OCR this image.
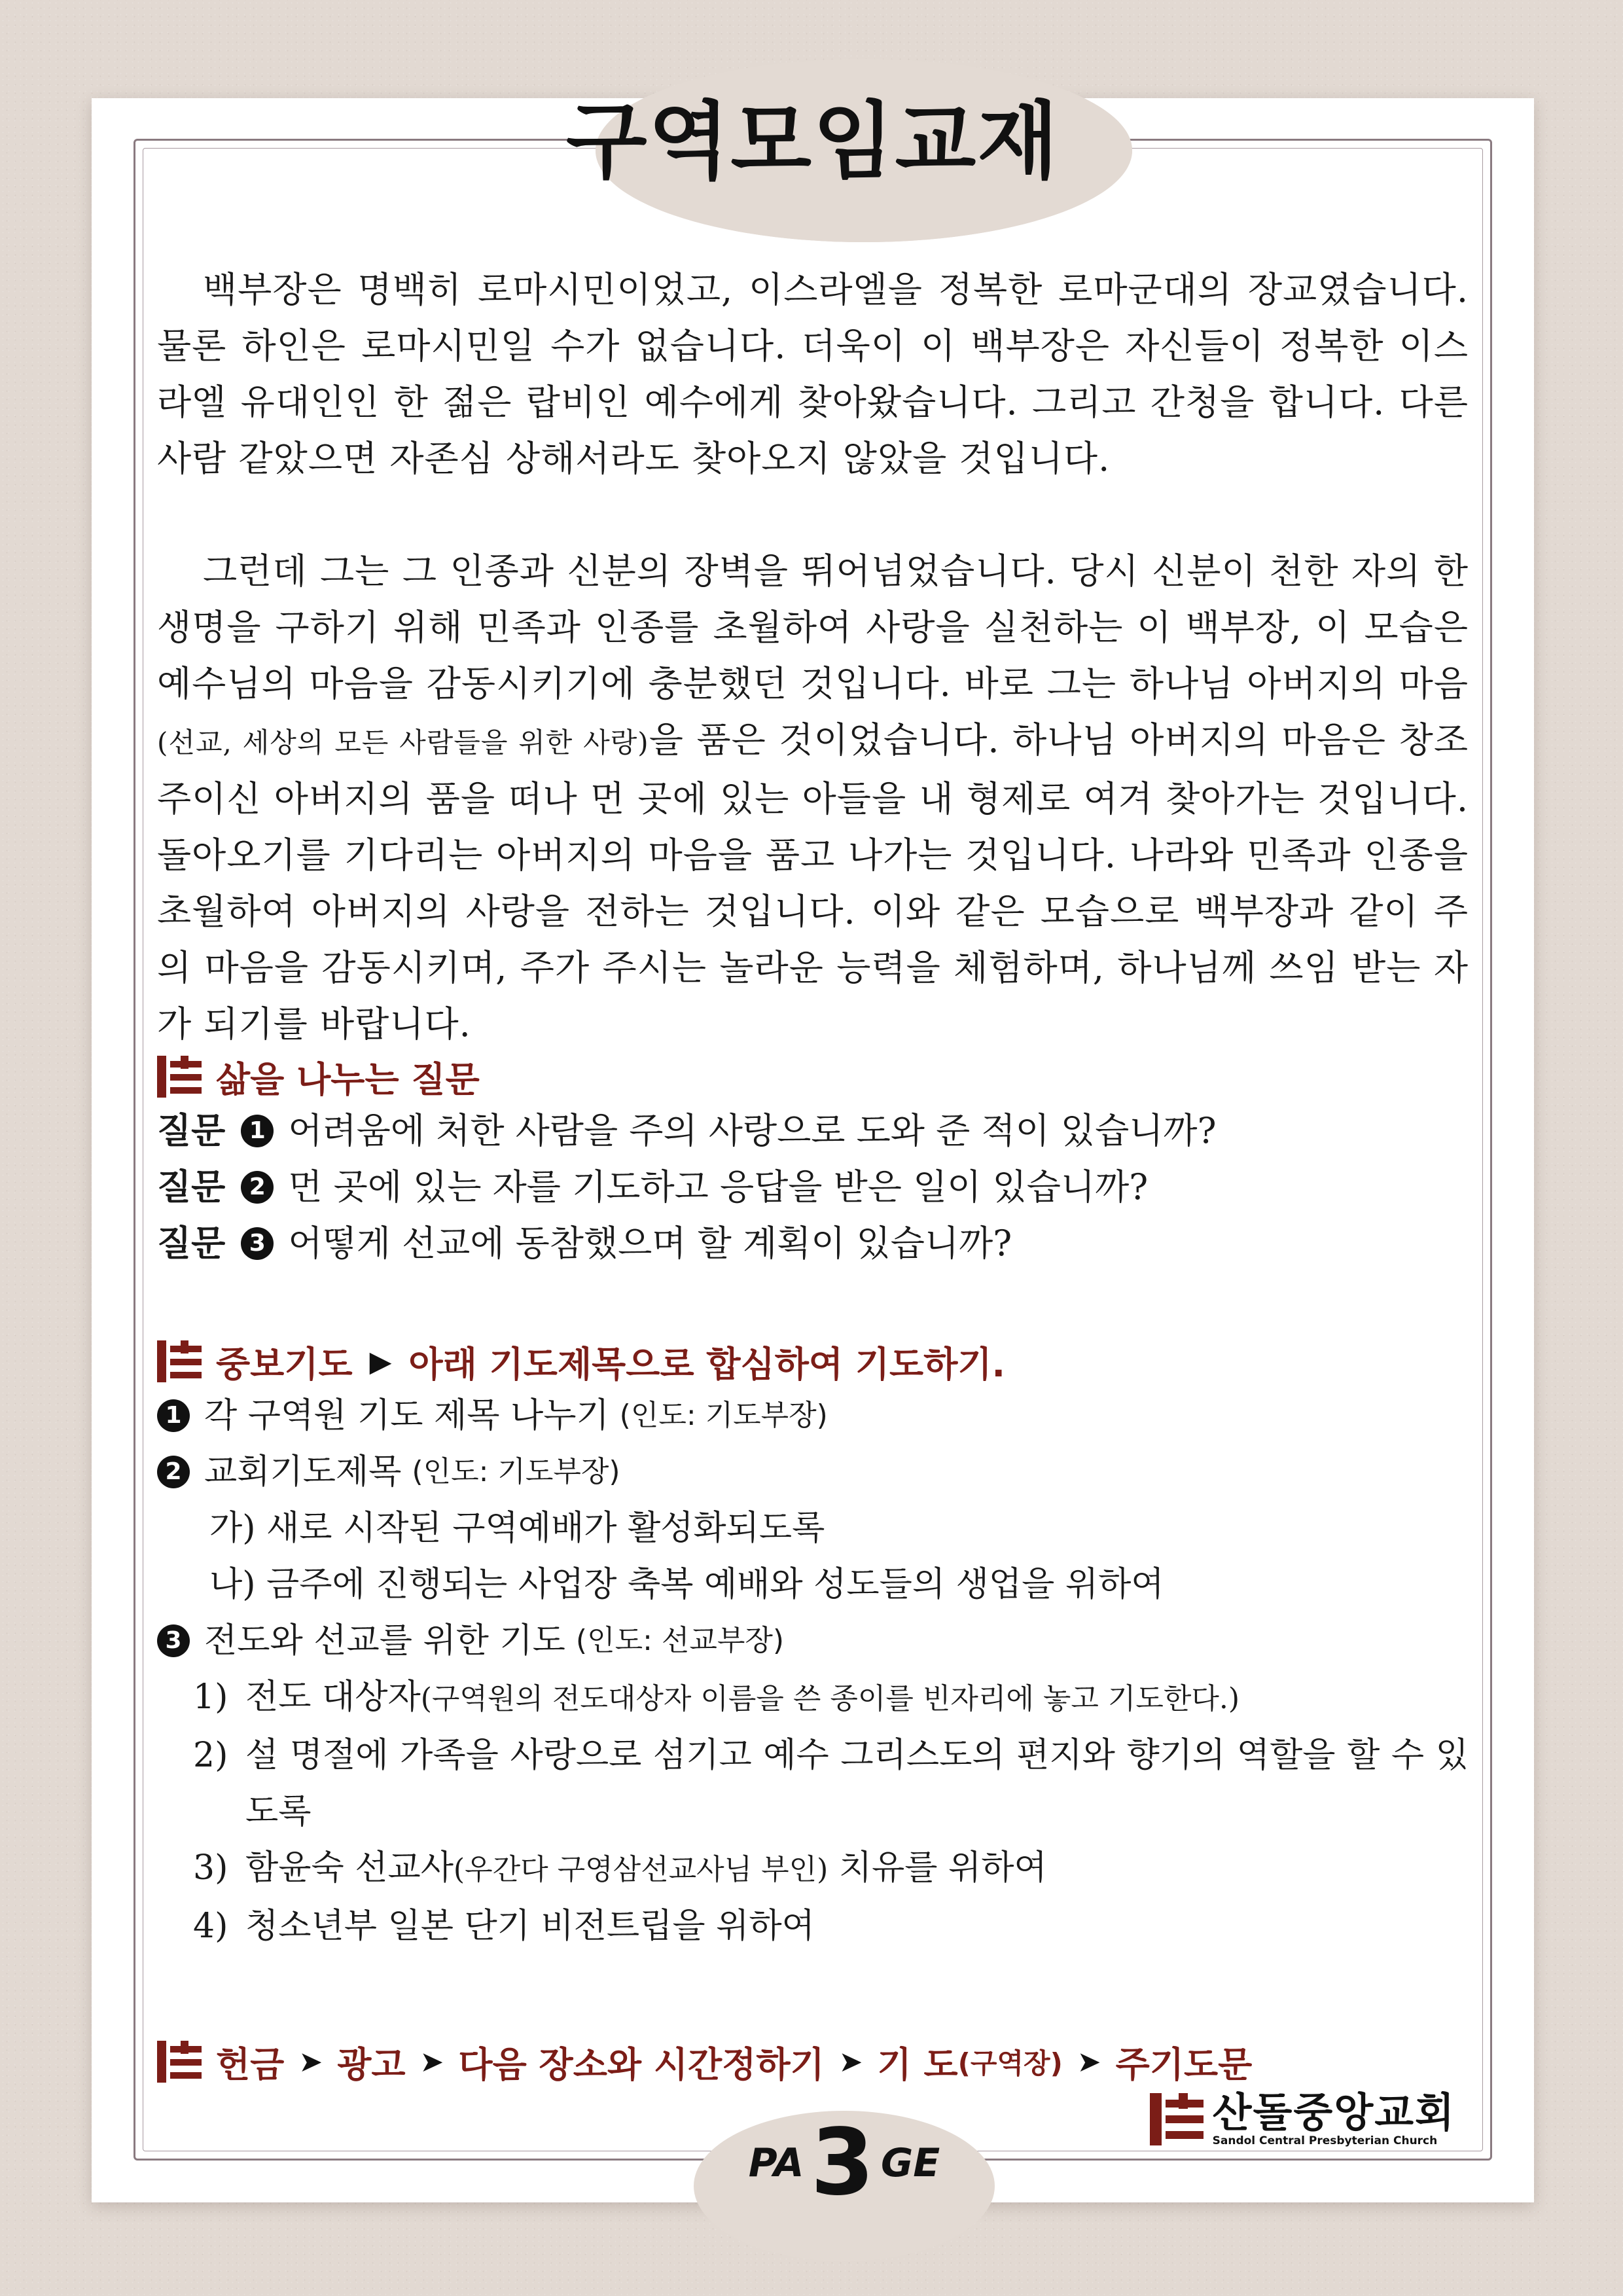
구역모임교재
백부장은 명백히 로마시민이었고, 이스라엘을 정복한 로마군대의 장교였습니다. 물론 하인은 로마시민일 수가 없습니다. 더욱이 이 백부장은 자신들이 정복한 이스라엘 유대인인 한 젊은 랍비인 예수에게 찾아왔습니다. 그리고 간청을 합니다. 다른 사람 같았으면 자존심 상해서라도 찾아오지 않았을 것입니다.
그런데 그는 그 인종과 신분의 장벽을 뛰어넘었습니다. 당시 신분이 천한 자의 한 생명을 구하기 위해 민족과 인종를 초월하여 사랑을 실천하는 이 백부장, 이 모습은 예수님의 마음을 감동시키기에 충분했던 것입니다. 바로 그는 하나님 아버지의 마음(선교, 세상의 모든 사람들을 위한 사랑)을 품은 것이었습니다. 하나님 아버지의 마음은 창조주이신 아버지의 품을 떠나 먼 곳에 있는 아들을 내 형제로 여겨 찾아가는 것입니다. 돌아오기를 기다리는 아버지의 마음을 품고 나가는 것입니다. 나라와 민족과 인종을 초월하여 아버지의 사랑을 전하는 것입니다. 이와 같은 모습으로 백부장과 같이 주의 마음을 감동시키며, 주가 주시는 놀라운 능력을 체험하며, 하나님께 쓰임 받는 자가 되기를 바랍니다.
삶을 나누는 질문
질문	1 어려움에 처한 사람을 주의 사랑으로 도와 준 적이 있습니까?
질문	2 먼 곳에 있는 자를 기도하고 응답을 받은 일이 있습니까?
질문	3 어떻게 선교에 동참했으며 할 계획이 있습니까?
중보기도 ▶ 아래 기도제목으로 합심하여 기도하기.
1 각 구역원 기도 제목 나누기 (인도: 기도부장)
2 교회기도제목 (인도: 기도부장)
가) 새로 시작된 구역예배가 활성화되도록
나) 금주에 진행되는 사업장 축복 예배와 성도들의 생업을 위하여
3 전도와 선교를 위한 기도 (인도: 선교부장)
1) 전도 대상자(구역원의 전도대상자 이름을 쓴 종이를 빈자리에 놓고 기도한다.)
2) 설 명절에 가족을 사랑으로 섬기고 예수 그리스도의 편지와 향기의 역할을 할 수 있도록
3) 함윤숙 선교사(우간다 구영삼선교사님 부인) 치유를 위하여
4) 청소년부 일본 단기 비전트립을 위하여
헌금 ➤ 광고 ➤ 다음 장소와 시간정하기 ➤ 기 도 (구역장) ➤ 주기도문
산돌중앙교회
Sandol Central Presbyterian Church
PA 3 GE
